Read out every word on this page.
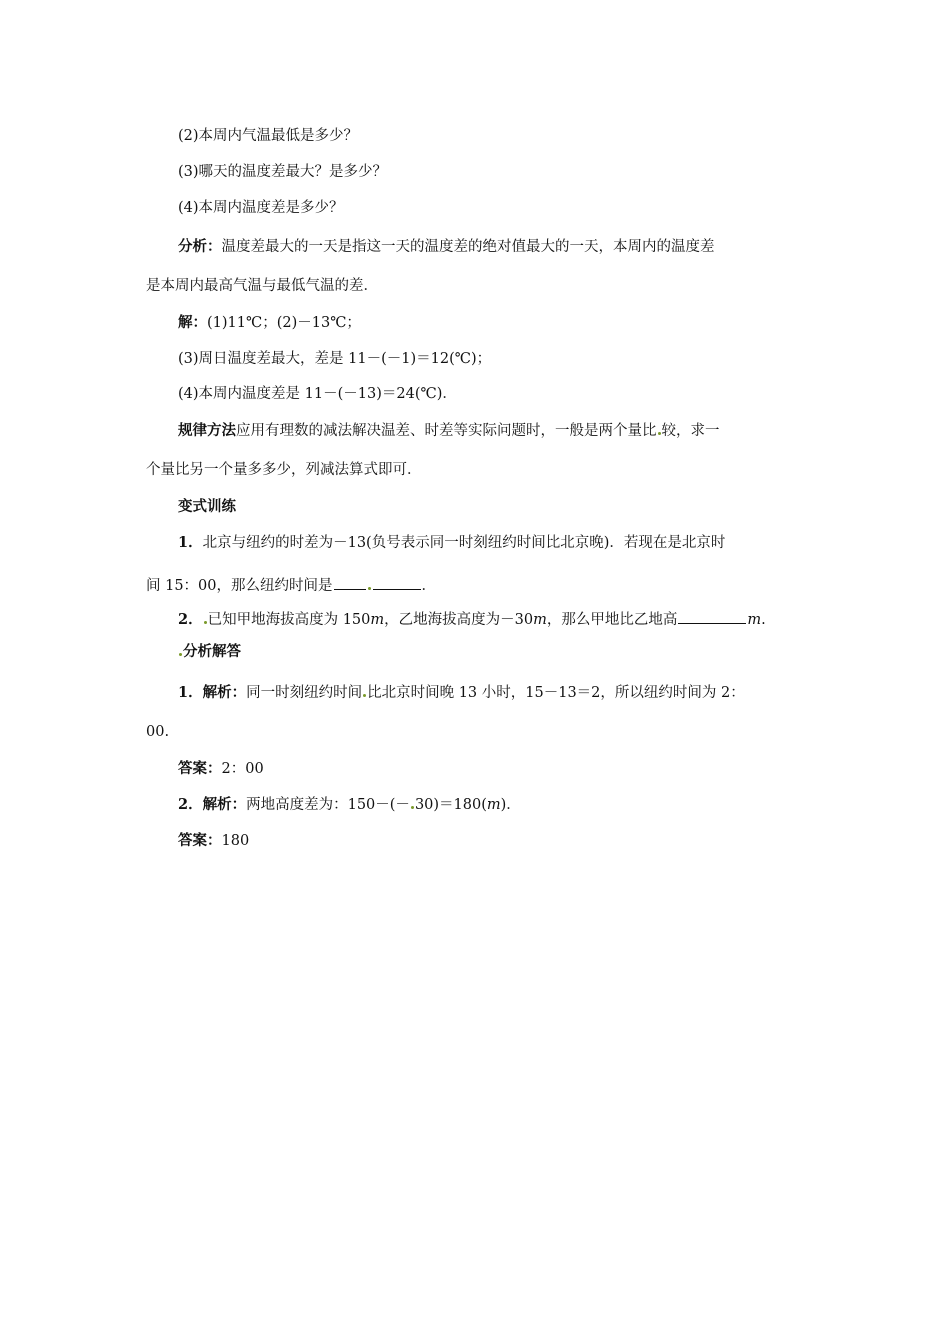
(2)本周内气温最低是多少？
(3)哪天的温度差最大？是多少？
(4)本周内温度差是多少？
分析：温度差最大的一天是指这一天的温度差的绝对值最大的一天，本周内的温度差
是本周内最高气温与最低气温的差．
解：(1)11℃；(2)－13℃；
(3)周日温度差最大，差是 11－(－1)＝12(℃)；
(4)本周内温度差是 11－(－13)＝24(℃)．
规律方法应用有理数的减法解决温差、时差等实际问题时，一般是两个量比 较，求一
个量比另一个量多多少，列减法算式即可．
变式训练
1．北京与纽约的时差为－13(负号表示同一时刻纽约时间比北京晚)．若现在是北京时
间 15：00，那么纽约时间是	．
2． 已知甲地海拔高度为 150m，乙地海拔高度为－30m，那么甲地比乙地高	m.
分析解答
1．解析：同一时刻纽约时间 比北京时间晚 13 小时，15－13＝2，所以纽约时间为 2：
00.
答案：2：00
2．解析：两地高度差为：150－(－ 30)＝180(m)．
答案：180
